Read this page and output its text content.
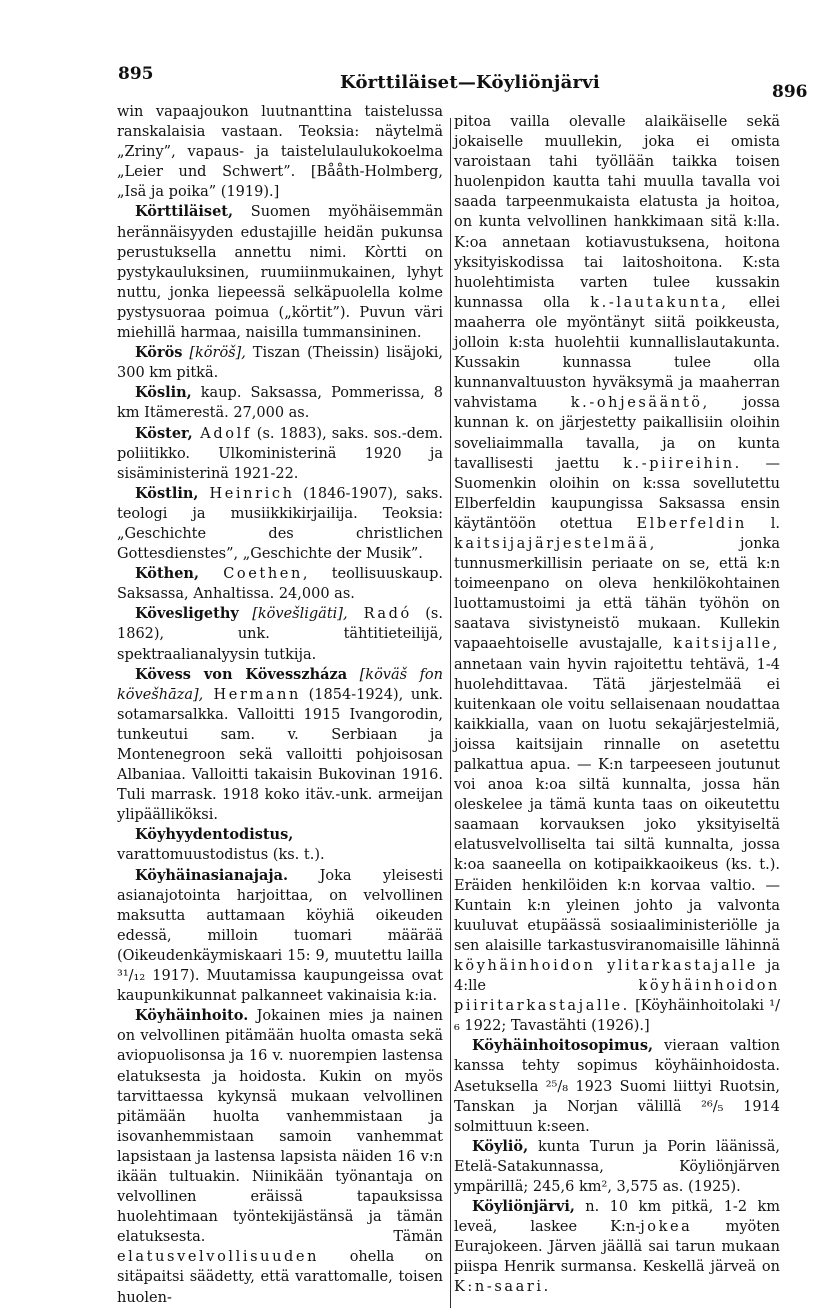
895	Körttiläiset—Köyliönjärvi	896

win vapaajoukon luutnanttina taistelussa ranskalaisia vastaan. Teoksia: näytelmä „Zriny”, vapaus- ja taistelulaulukokoelma „Leier und Schwert”. [Bååth-Holmberg, „Isä ja poika” (1919).]

Körttiläiset, Suomen myöhäisemmän herännäisyyden edustajille heidän pukunsa perustuksella annettu nimi. Kòrtti on pystykauluksinen, ruumiinmukainen, lyhyt nuttu, jonka liepeessä selkäpuolella kolme pystysuoraa poimua („körtit”). Puvun väri miehillä harmaa, naisilla tummansininen.

Körös [köröš], Tiszan (Theissin) lisäjoki, 300 km pitkä.

Köslin, kaup. Saksassa, Pommerissa, 8 km Itämerestä. 27,000 as.

Köster, Adolf (s. 1883), saks. sos.-dem. poliitikko. Ulkoministerinä 1920 ja sisäministerinä 1921-22.

Köstlin, Heinrich (1846-1907), saks. teologi ja musiikkikirjailija. Teoksia: „Geschichte des christlichen Gottesdienstes”, „Geschichte der Musik”.

Köthen, Coethen, teollisuuskaup. Saksassa, Anhaltissa. 24,000 as.

Kövesligethy [kövešligäti], Radó (s. 1862), unk. tähtitieteilijä, spektraalianalyysin tutkija.

Kövess von Kövesszháza [köväš fon kövešhāza], Hermann (1854-1924), unk. sotamarsalkka. Valloitti 1915 Ivangorodin, tunkeutui sam. v. Serbiaan ja Montenegroon sekä valloitti pohjoisosan Albaniaa. Valloitti takaisin Bukovinan 1916. Tuli marrask. 1918 koko itäv.-unk. armeijan ylipäälliköksi.

Köyhyydentodistus, varattomuustodistus (ks. t.).

Köyhäinasianajaja. Joka yleisesti asianajotointa harjoittaa, on velvollinen maksutta auttamaan köyhiä oikeuden edessä, milloin tuomari määrää (Oikeudenkäymiskaari 15: 9, muutettu lailla ³¹/₁₂ 1917). Muutamissa kaupungeissa ovat kaupunkikunnat palkanneet vakinaisia k:ia.

Köyhäinhoito. Jokainen mies ja nainen on velvollinen pitämään huolta omasta sekä aviopuolisonsa ja 16 v. nuorempien lastensa elatuksesta ja hoidosta. Kukin on myös tarvittaessa kykynsä mukaan velvollinen pitämään huolta vanhemmistaan ja isovanhemmistaan samoin vanhemmat lapsistaan ja lastensa lapsista näiden 16 v:n ikään tultuakin. Niinikään työnantaja on velvollinen eräissä tapauksissa huolehtimaan työntekijästänsä ja tämän elatuksesta. Tämän elatusvelvollisuuden ohella on sitäpaitsi säädetty, että varattomalle, toisen huolen-

pitoa vailla olevalle alaikäiselle sekä jokaiselle muullekin, joka ei omista varoistaan tahi työllään taikka toisen huolenpidon kautta tahi muulla tavalla voi saada tarpeenmukaista elatusta ja hoitoa, on kunta velvollinen hankkimaan sitä k:lla. K:oa annetaan kotiavustuksena, hoitona yksityiskodissa tai laitoshoitona. K:sta huolehtimista varten tulee kussakin kunnassa olla k.-lautakunta, ellei maaherra ole myöntänyt siitä poikkeusta, jolloin k:sta huolehtii kunnallislautakunta. Kussakin kunnassa tulee olla kunnanvaltuuston hyväksymä ja maaherran vahvistama k.-ohjesääntö, jossa kunnan k. on järjestetty paikallisiin oloihin soveliaimmalla tavalla, ja on kunta tavallisesti jaettu k.-piireihin. — Suomenkin oloihin on k:ssa sovellutettu Elberfeldin kaupungissa Saksassa ensin käytäntöön otettua Elberfeldin l. kaitsijajärjestelmää, jonka tunnusmerkillisin periaate on se, että k:n toimeenpano on oleva henkilökohtainen luottamustoimi ja että tähän työhön on saatava sivistyneistö mukaan. Kullekin vapaaehtoiselle avustajalle, kaitsijalle, annetaan vain hyvin rajoitettu tehtävä, 1-4 huolehdittavaa. Tätä järjestelmää ei kuitenkaan ole voitu sellaisenaan noudattaa kaikkialla, vaan on luotu sekajärjestelmiä, joissa kaitsijain rinnalle on asetettu palkattua apua. — K:n tarpeeseen joutunut voi anoa k:oa siltä kunnalta, jossa hän oleskelee ja tämä kunta taas on oikeutettu saamaan korvauksen joko yksityiseltä elatusvelvolliselta tai siltä kunnalta, jossa k:oa saaneella on kotipaikkaoikeus (ks. t.). Eräiden henkilöiden k:n korvaa valtio. — Kuntain k:n yleinen johto ja valvonta kuuluvat etupäässä sosiaaliministeriölle ja sen alaisille tarkastusviranomaisille lähinnä köyhäinhoidon ylitarkastajalle ja 4:lle köyhäinhoidon piiritarkastajalle. [Köyhäinhoitolaki ¹/₆ 1922; Tavastähti (1926).]

Köyhäinhoitosopimus, vieraan valtion kanssa tehty sopimus köyhäinhoidosta. Asetuksella ²⁵/₈ 1923 Suomi liittyi Ruotsin, Tanskan ja Norjan välillä ²⁶/₅ 1914 solmittuun k:seen.

Köyliö, kunta Turun ja Porin läänissä, Etelä-Satakunnassa, Köyliönjärven ympärillä; 245,6 km², 3,575 as. (1925).

Köyliönjärvi, n. 10 km pitkä, 1-2 km leveä, laskee K:n-jokea myöten Eurajokeen. Järven jäällä sai tarun mukaan piispa Henrik surmansa. Keskellä järveä on K:n-saari.
